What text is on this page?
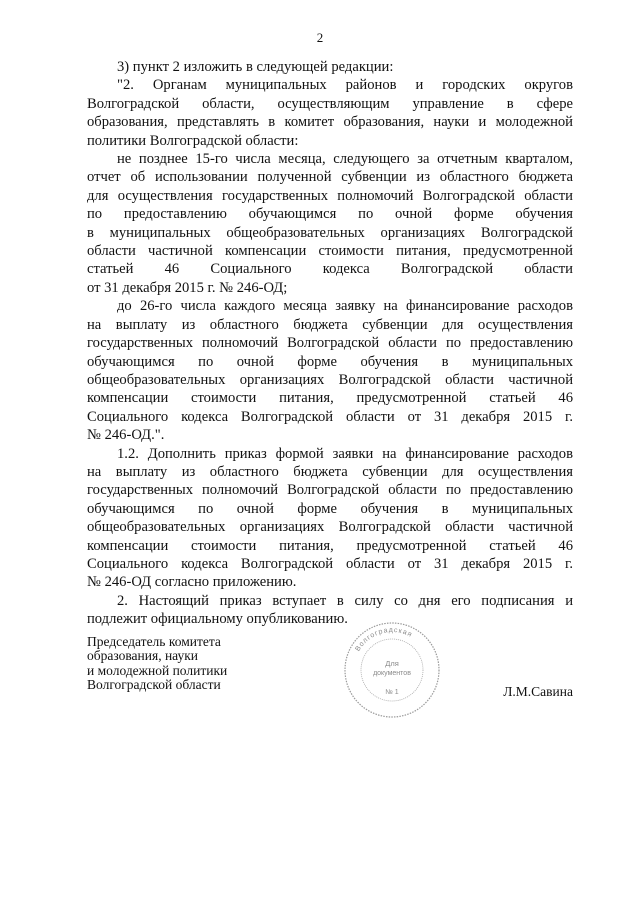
2
3) пункт 2 изложить в следующей редакции:
"2. Органам муниципальных районов и городских округов
Волгоградской области, осуществляющим управление в сфере
образования, представлять в комитет образования, науки и молодежной
политики Волгоградской области:
не позднее 15-го числа месяца, следующего за отчетным кварталом,
отчет об использовании полученной субвенции из областного бюджета
для осуществления государственных полномочий Волгоградской области
по предоставлению обучающимся по очной форме обучения
в муниципальных общеобразовательных организациях Волгоградской
области частичной компенсации стоимости питания, предусмотренной
статьей 46 Социального кодекса Волгоградской области
от 31 декабря 2015 г. № 246-ОД;
до 26-го числа каждого месяца заявку на финансирование расходов
на выплату из областного бюджета субвенции для осуществления
государственных полномочий Волгоградской области по предоставлению
обучающимся по очной форме обучения в муниципальных
общеобразовательных организациях Волгоградской области частичной
компенсации стоимости питания, предусмотренной статьей 46
Социального кодекса Волгоградской области от 31 декабря 2015 г.
№ 246-ОД.".
1.2. Дополнить приказ формой заявки на финансирование расходов
на выплату из областного бюджета субвенции для осуществления
государственных полномочий Волгоградской области по предоставлению
обучающимся по очной форме обучения в муниципальных
общеобразовательных организациях Волгоградской области частичной
компенсации стоимости питания, предусмотренной статьей 46
Социального кодекса Волгоградской области от 31 декабря 2015 г.
№ 246-ОД согласно приложению.
2. Настоящий приказ вступает в силу со дня его подписания и
подлежит официальному опубликованию.
Председатель комитета
образования, науки
и молодежной политики
Волгоградской области	Л.М.Савина
Волгоградская
Для
документов
№ 1
